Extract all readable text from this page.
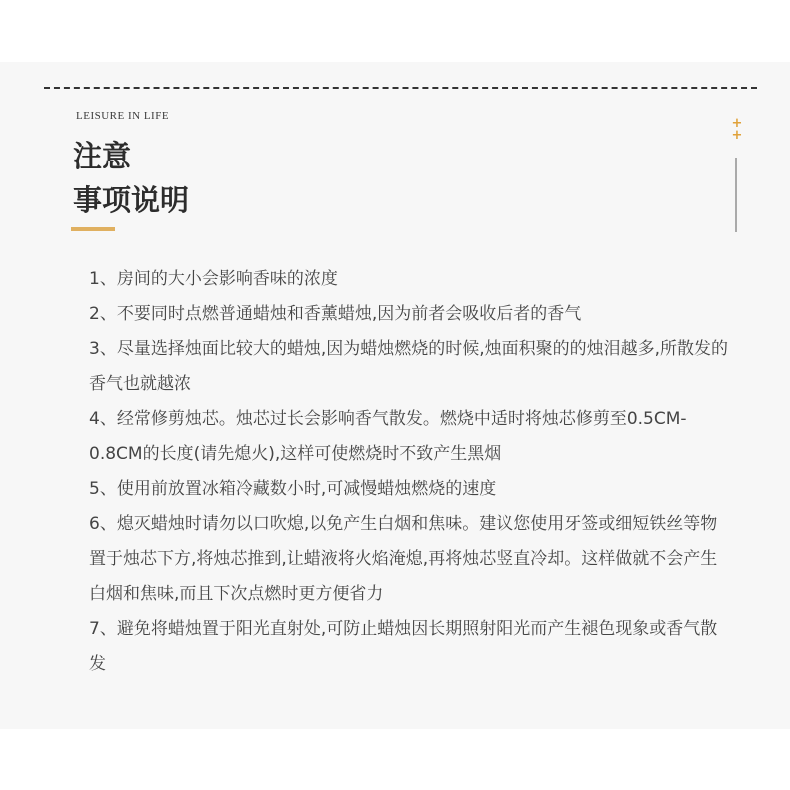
LEISURE IN LIFE
注意
事项说明
+
+

1、房间的大小会影响香味的浓度

2、不要同时点燃普通蜡烛和香薰蜡烛,因为前者会吸收后者的香气

3、尽量选择烛面比较大的蜡烛,因为蜡烛燃烧的时候,烛面积聚的的烛泪越多,所散发的香气也就越浓

4、经常修剪烛芯。烛芯过长会影响香气散发。燃烧中适时将烛芯修剪至0.5CM-0.8CM的长度(请先熄火),这样可使燃烧时不致产生黑烟

5、使用前放置冰箱冷藏数小时,可减慢蜡烛燃烧的速度

6、熄灭蜡烛时请勿以口吹熄,以免产生白烟和焦味。建议您使用牙签或细短铁丝等物置于烛芯下方,将烛芯推到,让蜡液将火焰淹熄,再将烛芯竖直冷却。这样做就不会产生白烟和焦味,而且下次点燃时更方便省力

7、避免将蜡烛置于阳光直射处,可防止蜡烛因长期照射阳光而产生褪色现象或香气散发
